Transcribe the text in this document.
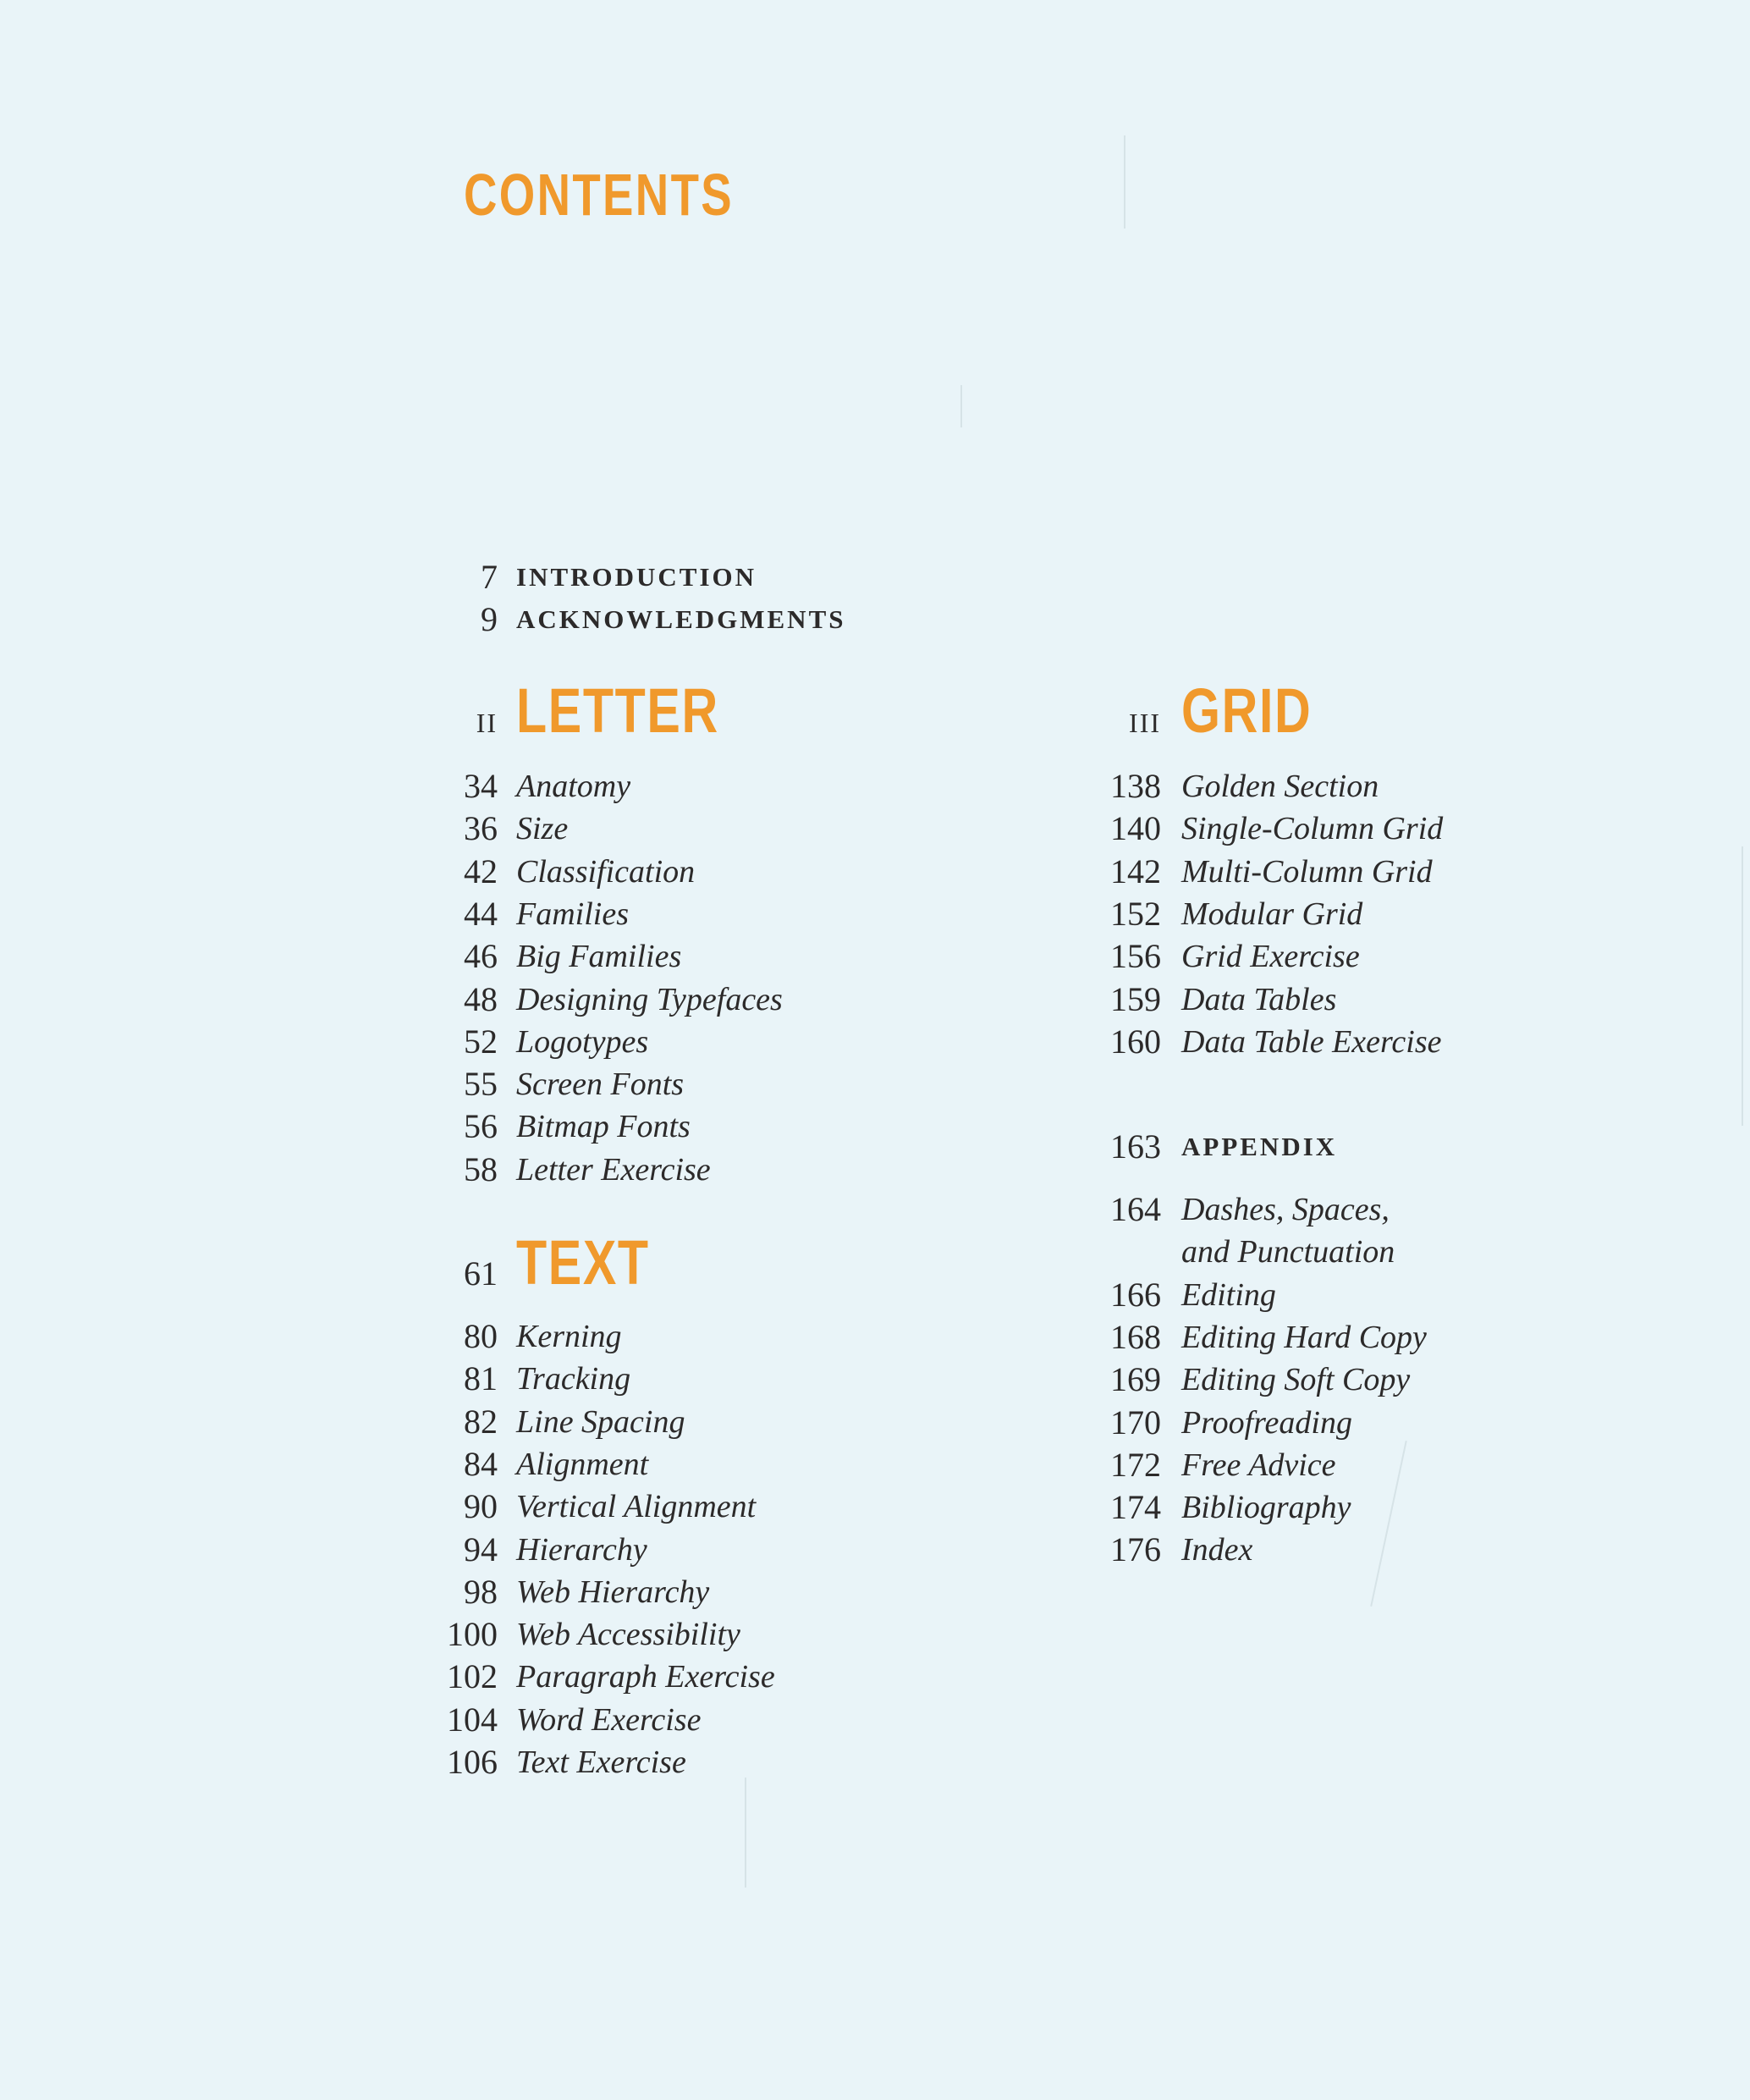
CONTENTS
7 INTRODUCTION
9 ACKNOWLEDGMENTS
II LETTER
34 Anatomy
36 Size
42 Classification
44 Families
46 Big Families
48 Designing Typefaces
52 Logotypes
55 Screen Fonts
56 Bitmap Fonts
58 Letter Exercise
61 TEXT
80 Kerning
81 Tracking
82 Line Spacing
84 Alignment
90 Vertical Alignment
94 Hierarchy
98 Web Hierarchy
100 Web Accessibility
102 Paragraph Exercise
104 Word Exercise
106 Text Exercise
III GRID
138 Golden Section
140 Single-Column Grid
142 Multi-Column Grid
152 Modular Grid
156 Grid Exercise
159 Data Tables
160 Data Table Exercise
163 APPENDIX
164 Dashes, Spaces,
and Punctuation
166 Editing
168 Editing Hard Copy
169 Editing Soft Copy
170 Proofreading
172 Free Advice
174 Bibliography
176 Index
